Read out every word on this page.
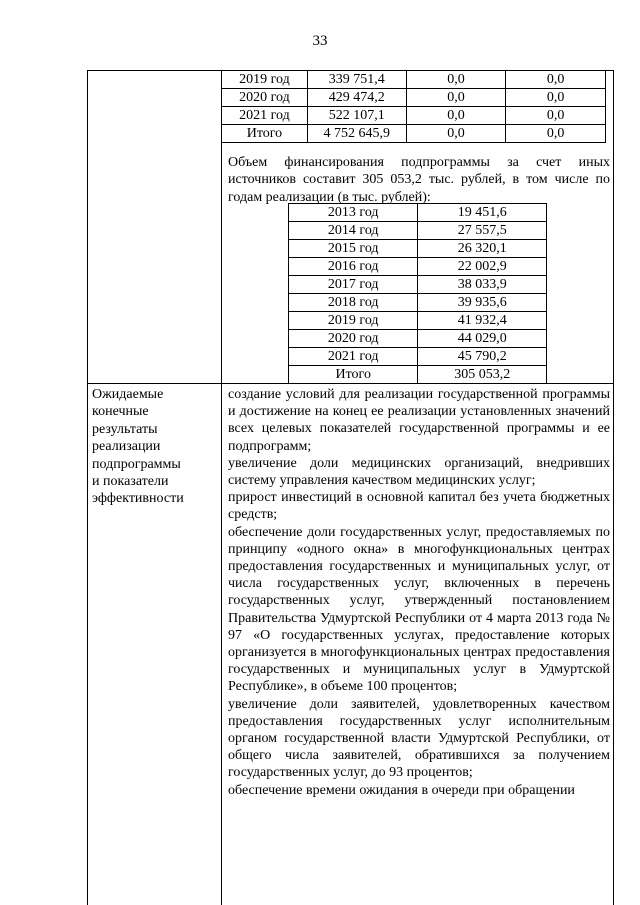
33
2019 год	339 751,4	0,0	0,0
2020 год	429 474,2	0,0	0,0
2021 год	522 107,1	0,0	0,0
Итого	4 752 645,9	0,0	0,0
Объем финансирования подпрограммы за счет иных источников составит 305 053,2 тыс. рублей, в том числе по годам реализации (в тыс. рублей):
2013 год	19 451,6
2014 год	27 557,5
2015 год	26 320,1
2016 год	22 002,9
2017 год	38 033,9
2018 год	39 935,6
2019 год	41 932,4
2020 год	44 029,0
2021 год	45 790,2
Итого	305 053,2
Ожидаемые
конечные
результаты
реализации
подпрограммы
и показатели
эффективности

создание условий для реализации государственной программы и достижение на конец ее реализации установленных значений всех целевых показателей государственной программы и ее подпрограмм;

увеличение доли медицинских организаций, внедривших систему управления качеством медицинских услуг;

прирост инвестиций в основной капитал без учета бюджетных средств;

обеспечение доли государственных услуг, предоставляемых по принципу «одного окна» в многофункциональных центрах предоставления государственных и муниципальных услуг, от числа государственных услуг, включенных в перечень государственных услуг, утвержденный постановлением Правительства Удмуртской Республики от 4 марта 2013 года № 97 «О государственных услугах, предоставление которых организуется в многофункциональных центрах предоставления государственных и муниципальных услуг в Удмуртской Республике», в объеме 100 процентов;

увеличение доли заявителей, удовлетворенных качеством предоставления государственных услуг исполнительным органом государственной власти Удмуртской Республики, от общего числа заявителей, обратившихся за получением государственных услуг, до 93 процентов;

обеспечение времени ожидания в очереди при обращении
